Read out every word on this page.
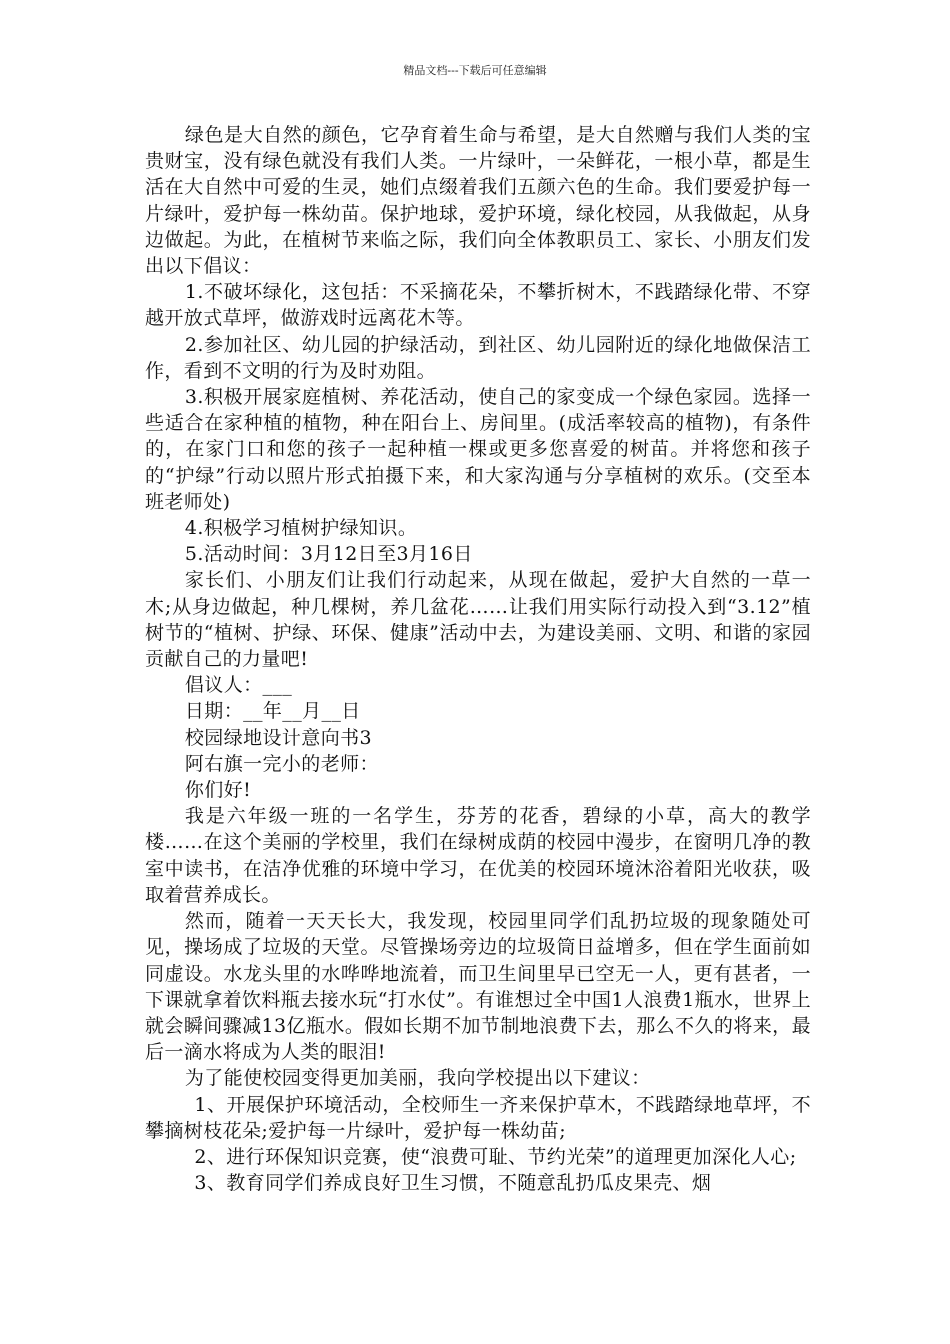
精品文档---下载后可任意编辑

绿色是大自然的颜色，它孕育着生命与希望，是大自然赠与我们人类的宝贵财宝，没有绿色就没有我们人类。一片绿叶，一朵鲜花，一根小草，都是生活在大自然中可爱的生灵，她们点缀着我们五颜六色的生命。我们要爱护每一片绿叶，爱护每一株幼苗。保护地球，爱护环境，绿化校园，从我做起，从身边做起。为此，在植树节来临之际，我们向全体教职员工、家长、小朋友们发出以下倡议：

1.不破坏绿化，这包括：不采摘花朵，不攀折树木，不践踏绿化带、不穿越开放式草坪，做游戏时远离花木等。

2.参加社区、幼儿园的护绿活动，到社区、幼儿园附近的绿化地做保洁工作，看到不文明的行为及时劝阻。

3.积极开展家庭植树、养花活动，使自己的家变成一个绿色家园。选择一些适合在家种植的植物，种在阳台上、房间里。(成活率较高的植物)，有条件的，在家门口和您的孩子一起种植一棵或更多您喜爱的树苗。并将您和孩子的“护绿”行动以照片形式拍摄下来，和大家沟通与分享植树的欢乐。(交至本班老师处)

4.积极学习植树护绿知识。

5.活动时间：3月12日至3月16日

家长们、小朋友们让我们行动起来，从现在做起，爱护大自然的一草一木;从身边做起，种几棵树，养几盆花……让我们用实际行动投入到“3.12”植树节的“植树、护绿、环保、健康”活动中去，为建设美丽、文明、和谐的家园贡献自己的力量吧!

倡议人：___

日期：__年__月__日

校园绿地设计意向书3

阿右旗一完小的老师：

你们好!

我是六年级一班的一名学生，芬芳的花香，碧绿的小草，高大的教学楼……在这个美丽的学校里，我们在绿树成荫的校园中漫步，在窗明几净的教室中读书，在洁净优雅的环境中学习，在优美的校园环境沐浴着阳光收获，吸取着营养成长。

然而，随着一天天长大，我发现，校园里同学们乱扔垃圾的现象随处可见，操场成了垃圾的天堂。尽管操场旁边的垃圾筒日益增多，但在学生面前如同虚设。水龙头里的水哗哗地流着，而卫生间里早已空无一人，更有甚者，一下课就拿着饮料瓶去接水玩“打水仗”。有谁想过全中国1人浪费1瓶水，世界上就会瞬间骤减13亿瓶水。假如长期不加节制地浪费下去，那么不久的将来，最后一滴水将成为人类的眼泪!

为了能使校园变得更加美丽，我向学校提出以下建议：

1、开展保护环境活动，全校师生一齐来保护草木，不践踏绿地草坪，不攀摘树枝花朵;爱护每一片绿叶，爱护每一株幼苗;

2、进行环保知识竞赛，使“浪费可耻、节约光荣”的道理更加深化人心;

3、教育同学们养成良好卫生习惯，不随意乱扔瓜皮果壳、烟
